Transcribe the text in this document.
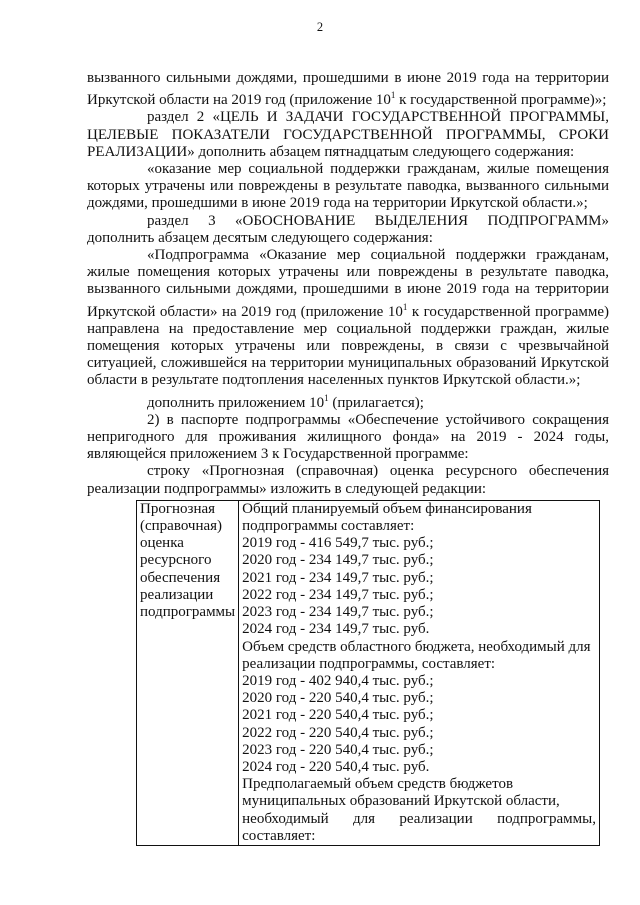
2

вызванного сильными дождями, прошедшими в июне 2019 года на территории Иркутской области на 2019 год (приложение $10^1$ к государственной программе)»;

раздел 2 «ЦЕЛЬ И ЗАДАЧИ ГОСУДАРСТВЕННОЙ ПРОГРАММЫ, ЦЕЛЕВЫЕ ПОКАЗАТЕЛИ ГОСУДАРСТВЕННОЙ ПРОГРАММЫ, СРОКИ РЕАЛИЗАЦИИ» дополнить абзацем пятнадцатым следующего содержания:

«оказание мер социальной поддержки гражданам, жилые помещения которых утрачены или повреждены в результате паводка, вызванного сильными дождями, прошедшими в июне 2019 года на территории Иркутской области.»;

раздел 3 «ОБОСНОВАНИЕ ВЫДЕЛЕНИЯ ПОДПРОГРАММ» дополнить абзацем десятым следующего содержания:

«Подпрограмма «Оказание мер социальной поддержки гражданам, жилые помещения которых утрачены или повреждены в результате паводка, вызванного сильными дождями, прошедшими в июне 2019 года на территории Иркутской области» на 2019 год (приложение $10^1$ к государственной программе) направлена на предоставление мер социальной поддержки граждан, жилые помещения которых утрачены или повреждены, в связи с чрезвычайной ситуацией, сложившейся на территории муниципальных образований Иркутской области в результате подтопления населенных пунктов Иркутской области.»;

дополнить приложением $10^1$ (прилагается);

2) в паспорте подпрограммы «Обеспечение устойчивого сокращения непригодного для проживания жилищного фонда» на 2019 - 2024 годы, являющейся приложением 3 к Государственной программе:

строку «Прогнозная (справочная) оценка ресурсного обеспечения реализации подпрограммы» изложить в следующей редакции:

Прогнозная
(справочная)
оценка
ресурсного
обеспечения
реализации
подпрограммы

Общий планируемый объем финансирования
подпрограммы составляет:
2019 год - 416 549,7 тыс. руб.;
2020 год - 234 149,7 тыс. руб.;
2021 год - 234 149,7 тыс. руб.;
2022 год - 234 149,7 тыс. руб.;
2023 год - 234 149,7 тыс. руб.;
2024 год - 234 149,7 тыс. руб.
Объем средств областного бюджета, необходимый для
реализации подпрограммы, составляет:
2019 год - 402 940,4 тыс. руб.;
2020 год - 220 540,4 тыс. руб.;
2021 год - 220 540,4 тыс. руб.;
2022 год - 220 540,4 тыс. руб.;
2023 год - 220 540,4 тыс. руб.;
2024 год - 220 540,4 тыс. руб.
Предполагаемый объем средств бюджетов
муниципальных образований Иркутской области,
необходимый для реализации подпрограммы, составляет:
